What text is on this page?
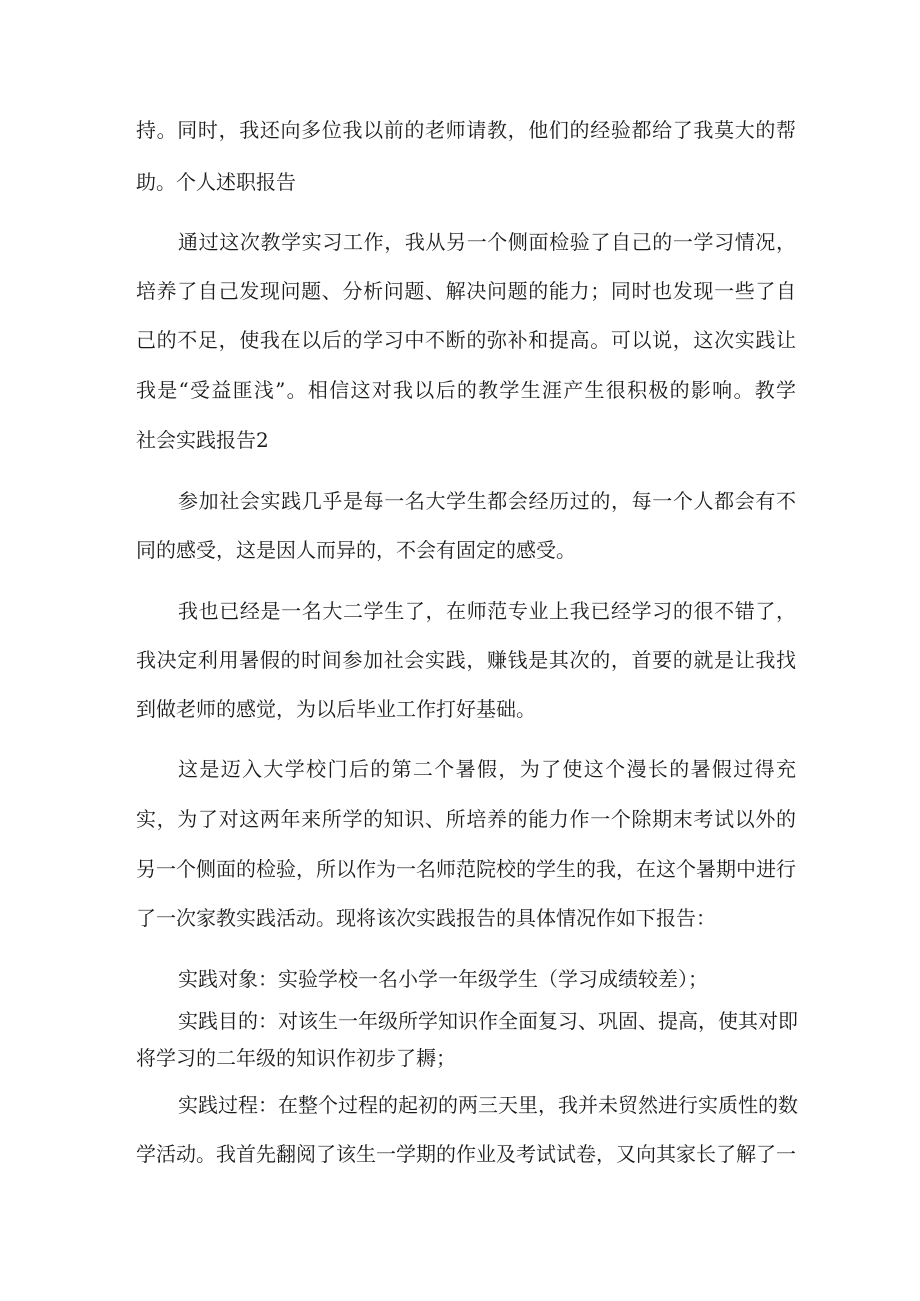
持。同时，我还向多位我以前的老师请教，他们的经验都给了我莫大的帮
助。个人述职报告
通过这次教学实习工作，我从另一个侧面检验了自己的一学习情况，
培养了自己发现问题、分析问题、解决问题的能力；同时也发现一些了自
己的不足，使我在以后的学习中不断的弥补和提高。可以说，这次实践让
我是“受益匪浅”。相信这对我以后的教学生涯产生很积极的影响。教学
社会实践报告2
参加社会实践几乎是每一名大学生都会经历过的，每一个人都会有不
同的感受，这是因人而异的，不会有固定的感受。
我也已经是一名大二学生了，在师范专业上我已经学习的很不错了，
我决定利用暑假的时间参加社会实践，赚钱是其次的，首要的就是让我找
到做老师的感觉，为以后毕业工作打好基础。
这是迈入大学校门后的第二个暑假，为了使这个漫长的暑假过得充
实，为了对这两年来所学的知识、所培养的能力作一个除期末考试以外的
另一个侧面的检验，所以作为一名师范院校的学生的我，在这个暑期中进行
了一次家教实践活动。现将该次实践报告的具体情况作如下报告：
实践对象：实验学校一名小学一年级学生（学习成绩较差）；
实践目的：对该生一年级所学知识作全面复习、巩固、提高，使其对即
将学习的二年级的知识作初步了耨；
实践过程：在整个过程的起初的两三天里，我并未贸然进行实质性的数
学活动。我首先翻阅了该生一学期的作业及考试试卷，又向其家长了解了一
